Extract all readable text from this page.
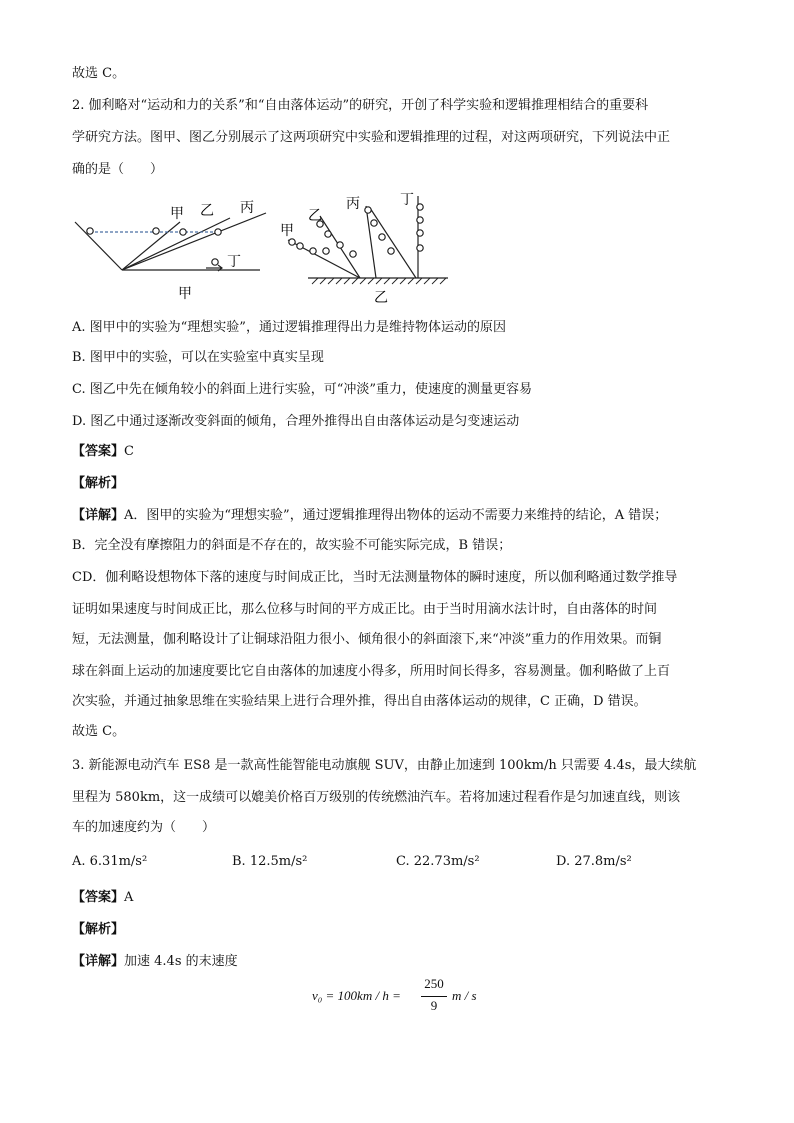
故选 C。
2. 伽利略对“运动和力的关系”和“自由落体运动”的研究，开创了科学实验和逻辑推理相结合的重要科
学研究方法。图甲、图乙分别展示了这两项研究中实验和逻辑推理的过程，对这两项研究，下列说法中正
确的是（　　）
甲 乙 丙
丁
甲
甲
乙
丙	丁
乙
A. 图甲中的实验为“理想实验”，通过逻辑推理得出力是维持物体运动的原因
B. 图甲中的实验，可以在实验室中真实呈现
C. 图乙中先在倾角较小的斜面上进行实验，可“冲淡”重力，使速度的测量更容易
D. 图乙中通过逐渐改变斜面的倾角，合理外推得出自由落体运动是匀变速运动
【答案】C
【解析】
【详解】A．图甲的实验为“理想实验”，通过逻辑推理得出物体的运动不需要力来维持的结论，A 错误；
B．完全没有摩擦阻力的斜面是不存在的，故实验不可能实际完成，B 错误；
CD．伽利略设想物体下落的速度与时间成正比，当时无法测量物体的瞬时速度，所以伽利略通过数学推导
证明如果速度与时间成正比，那么位移与时间的平方成正比。由于当时用滴水法计时，自由落体的时间
短，无法测量，伽利略设计了让铜球沿阻力很小、倾角很小的斜面滚下,来“冲淡”重力的作用效果。而铜
球在斜面上运动的加速度要比它自由落体的加速度小得多，所用时间长得多，容易测量。伽利略做了上百
次实验，并通过抽象思维在实验结果上进行合理外推，得出自由落体运动的规律，C 正确，D 错误。
故选 C。
3. 新能源电动汽车 ES8 是一款高性能智能电动旗舰 SUV，由静止加速到 100km/h 只需要 4.4s，最大续航
里程为 580km，这一成绩可以媲美价格百万级别的传统燃油汽车。若将加速过程看作是匀加速直线，则该
车的加速度约为（　　）
A. 6.31m/s²	B. 12.5m/s²	C. 22.73m/s²	D. 27.8m/s²
【答案】A
【解析】
【详解】加速 4.4s 的末速度
v₀ = 100km / h =
250
9
m / s
